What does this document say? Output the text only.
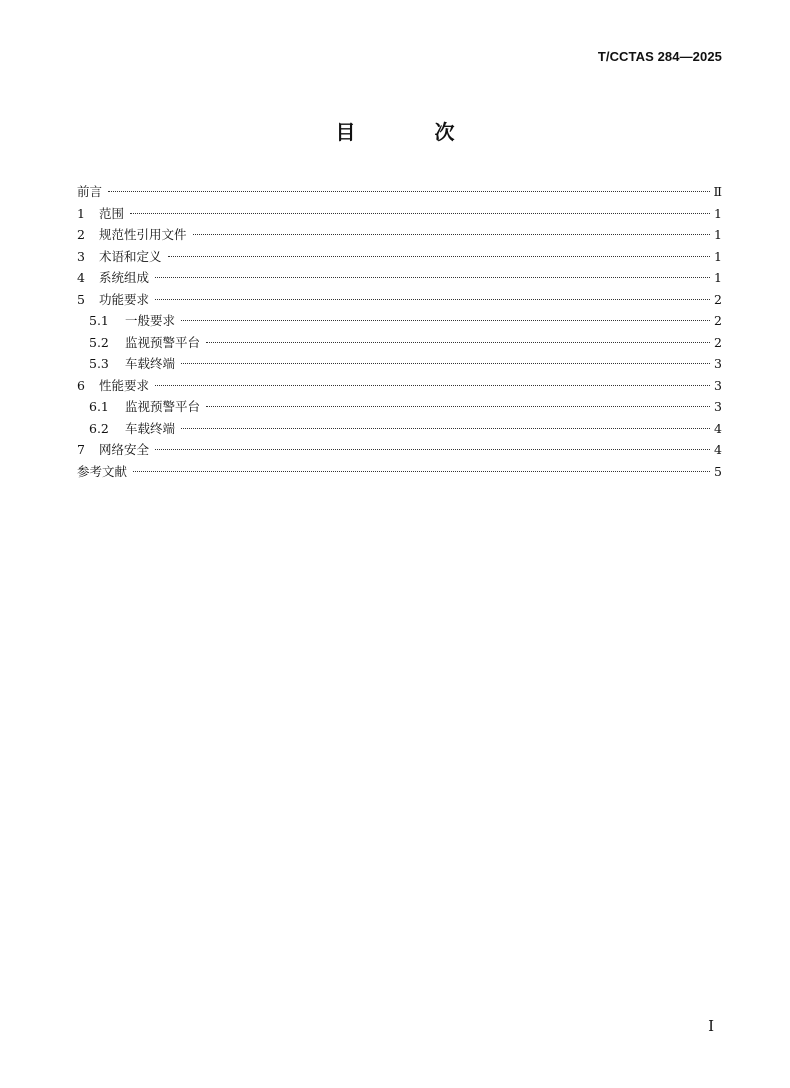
T/CCTAS 284—2025
目 次
前言	Ⅱ
1	范围	1
2	规范性引用文件	1
3	术语和定义	1
4	系统组成	1
5	功能要求	2
5.1	一般要求	2
5.2	监视预警平台	2
5.3	车载终端	3
6	性能要求	3
6.1	监视预警平台	3
6.2	车载终端	4
7	网络安全	4
参考文献	5
I
